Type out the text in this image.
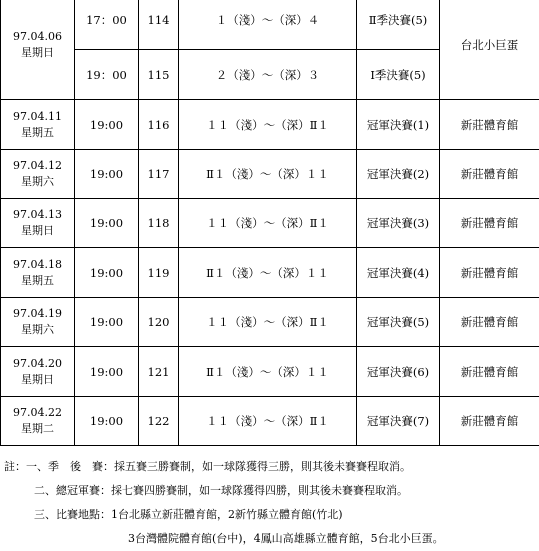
97.04.06
星期日	17：00	114	１（淺）～（深）４	Ⅱ季決賽(5)	台北小巨蛋
	19：00	115	２（淺）～（深）３	Ⅰ季決賽(5)	

97.04.11
星期五	19:00	116	１１（淺）～（深）Ⅱ１	冠軍決賽(1)	新莊體育館

97.04.12
星期六	19:00	117	Ⅱ１（淺）～（深）１１	冠軍決賽(2)	新莊體育館

97.04.13
星期日	19:00	118	１１（淺）～（深）Ⅱ１	冠軍決賽(3)	新莊體育館

97.04.18
星期五	19:00	119	Ⅱ１（淺）～（深）１１	冠軍決賽(4)	新莊體育館

97.04.19
星期六	19:00	120	１１（淺）～（深）Ⅱ１	冠軍決賽(5)	新莊體育館

97.04.20
星期日	19:00	121	Ⅱ１（淺）～（深）１１	冠軍決賽(6)	新莊體育館

97.04.22
星期二	19:00	122	１１（淺）～（深）Ⅱ１	冠軍決賽(7)	新莊體育館
註：一、季　後　賽：採五賽三勝賽制，如一球隊獲得三勝，則其後未賽賽程取消。
二、總冠軍賽：採七賽四勝賽制，如一球隊獲得四勝，則其後未賽賽程取消。
三、比賽地點：1台北縣立新莊體育館，2新竹縣立體育館(竹北)
3台灣體院體育館(台中)，4鳳山高雄縣立體育館，5台北小巨蛋。
